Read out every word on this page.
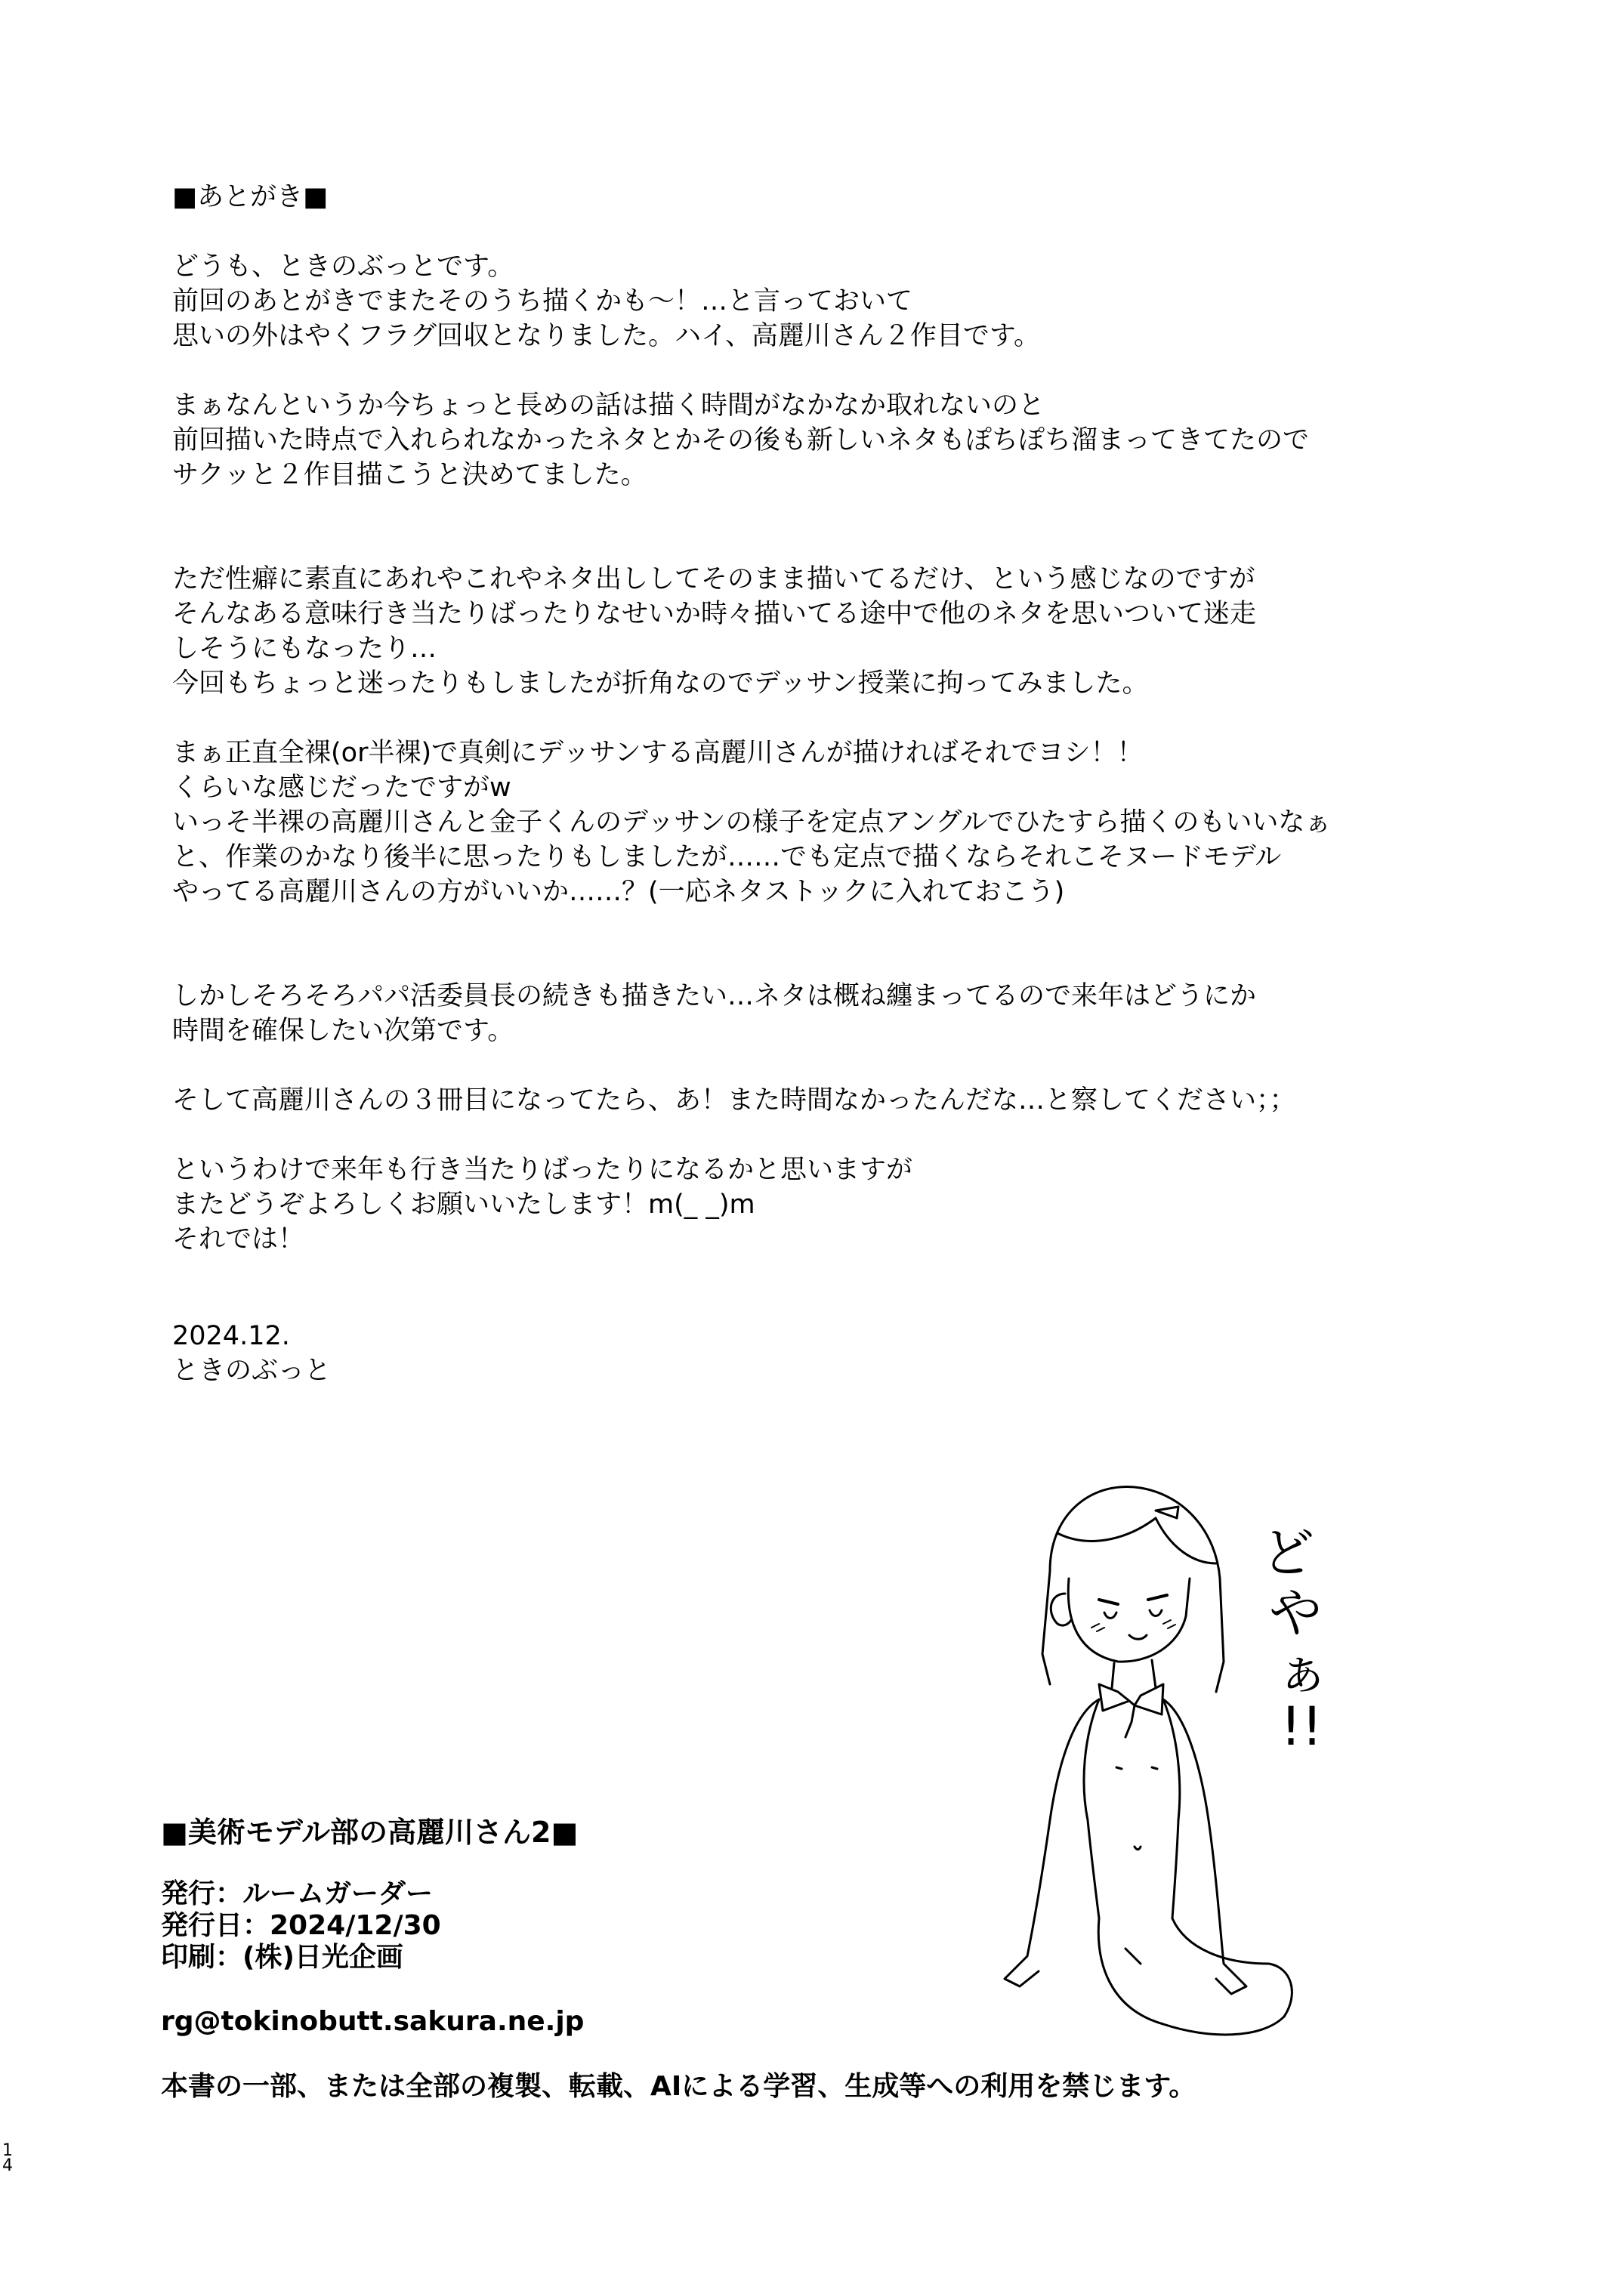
■あとがき■
どうも、ときのぶっとです。
前回のあとがきでまたそのうち描くかも〜！…と言っておいて
思いの外はやくフラグ回収となりました。ハイ、高麗川さん２作目です。
まぁなんというか今ちょっと長めの話は描く時間がなかなか取れないのと
前回描いた時点で入れられなかったネタとかその後も新しいネタもぽちぽち溜まってきてたので
サクッと２作目描こうと決めてました。
ただ性癖に素直にあれやこれやネタ出ししてそのまま描いてるだけ、という感じなのですが
そんなある意味行き当たりばったりなせいか時々描いてる途中で他のネタを思いついて迷走
しそうにもなったり…
今回もちょっと迷ったりもしましたが折角なのでデッサン授業に拘ってみました。
まぁ正直全裸(or半裸)で真剣にデッサンする高麗川さんが描ければそれでヨシ！！
くらいな感じだったですがw
いっそ半裸の高麗川さんと金子くんのデッサンの様子を定点アングルでひたすら描くのもいいなぁ
と、作業のかなり後半に思ったりもしましたが……でも定点で描くならそれこそヌードモデル
やってる高麗川さんの方がいいか……？(一応ネタストックに入れておこう)
しかしそろそろパパ活委員長の続きも描きたい…ネタは概ね纏まってるので来年はどうにか
時間を確保したい次第です。
そして高麗川さんの３冊目になってたら、あ！また時間なかったんだな…と察してください；；
というわけで来年も行き当たりばったりになるかと思いますが
またどうぞよろしくお願いいたします！m(_ _)m
それでは！
2024.12.
ときのぶっと
ど や ぁ !!
■美術モデル部の高麗川さん2■
発行：ルームガーダー
発行日：2024/12/30
印刷：(株)日光企画
rg@tokinobutt.sakura.ne.jp
本書の一部、または全部の複製、転載、AIによる学習、生成等への利用を禁じます。
1
4
